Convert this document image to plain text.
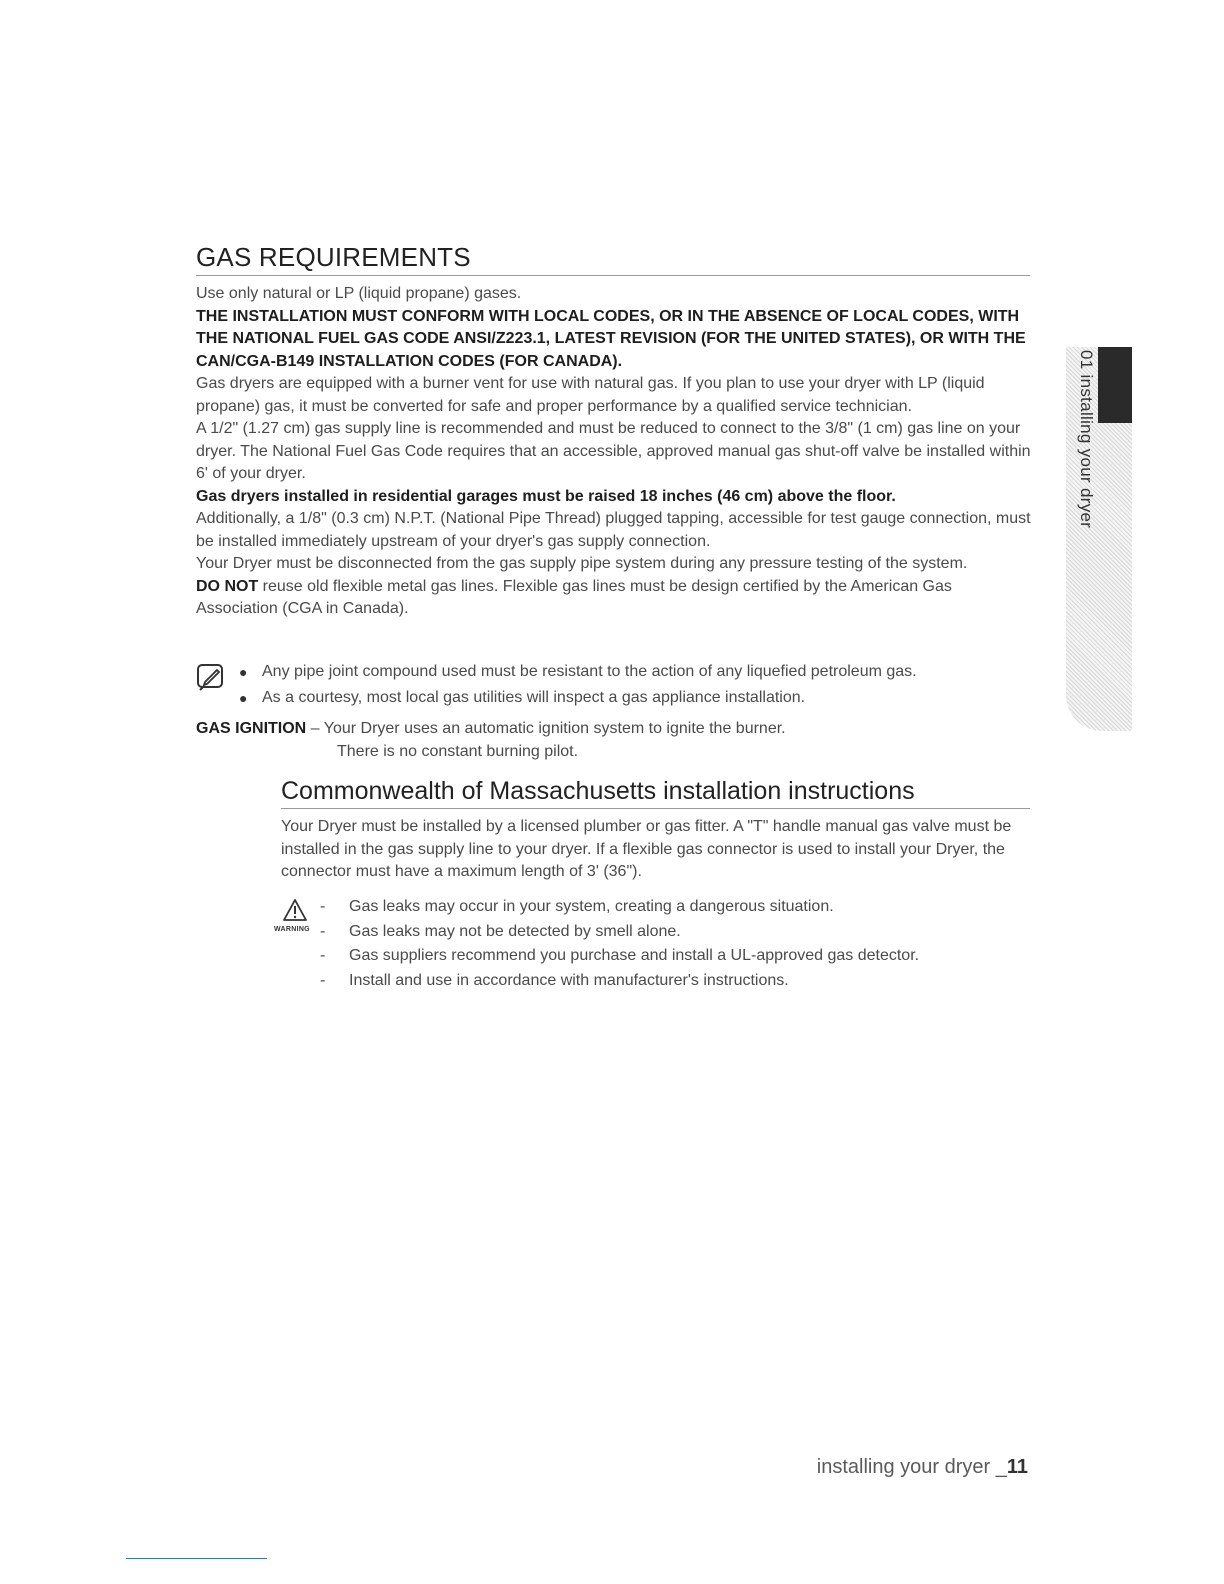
GAS REQUIREMENTS

Use only natural or LP (liquid propane) gases.

THE INSTALLATION MUST CONFORM WITH LOCAL CODES, OR IN THE ABSENCE OF LOCAL CODES, WITH THE NATIONAL FUEL GAS CODE ANSI/Z223.1, LATEST REVISION (FOR THE UNITED STATES), OR WITH THE CAN/CGA-B149 INSTALLATION CODES (FOR CANADA).

Gas dryers are equipped with a burner vent for use with natural gas. If you plan to use your dryer with LP (liquid propane) gas, it must be converted for safe and proper performance by a qualified service technician.

A 1/2" (1.27 cm) gas supply line is recommended and must be reduced to connect to the 3/8" (1 cm) gas line on your dryer. The National Fuel Gas Code requires that an accessible, approved manual gas shut-off valve be installed within 6' of your dryer.

Gas dryers installed in residential garages must be raised 18 inches (46 cm) above the floor.

Additionally, a 1/8" (0.3 cm) N.P.T. (National Pipe Thread) plugged tapping, accessible for test gauge connection, must be installed immediately upstream of your dryer's gas supply connection.

Your Dryer must be disconnected from the gas supply pipe system during any pressure testing of the system.

DO NOT reuse old flexible metal gas lines. Flexible gas lines must be design certified by the American Gas Association (CGA in Canada).

● Any pipe joint compound used must be resistant to the action of any liquefied petroleum gas.
● As a courtesy, most local gas utilities will inspect a gas appliance installation.
GAS IGNITION – Your Dryer uses an automatic ignition system to ignite the burner.
There is no constant burning pilot.
Commonwealth of Massachusetts installation instructions

Your Dryer must be installed by a licensed plumber or gas fitter. A "T" handle manual gas valve must be installed in the gas supply line to your dryer. If a flexible gas connector is used to install your Dryer, the connector must have a maximum length of 3' (36").

WARNING
- Gas leaks may occur in your system, creating a dangerous situation.
- Gas leaks may not be detected by smell alone.
- Gas suppliers recommend you purchase and install a UL-approved gas detector.
- Install and use in accordance with manufacturer's instructions.
01 installing your dryer
installing your dryer _11
